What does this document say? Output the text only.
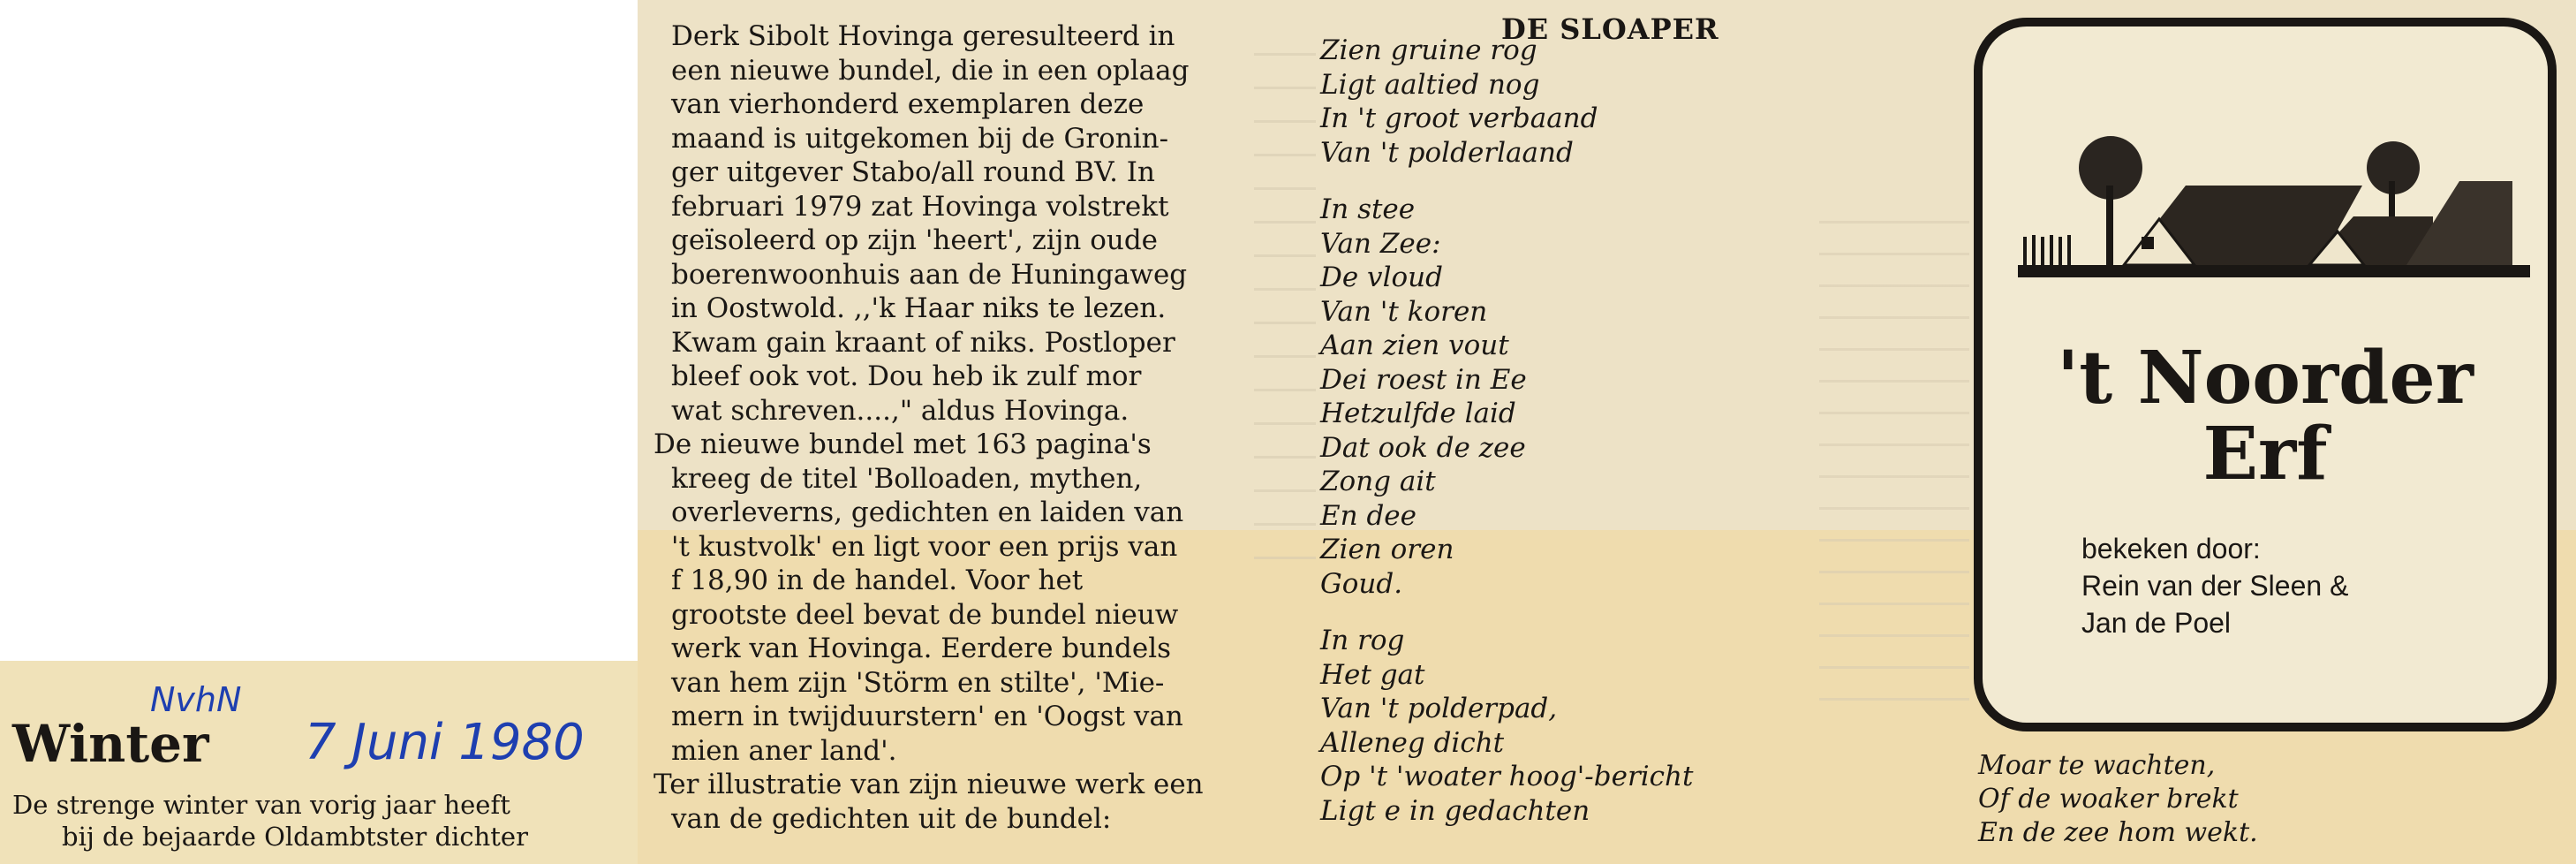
Derk Sibolt Hovinga geresulteerd in
een nieuwe bundel, die in een oplaag
van vierhonderd exemplaren deze
maand is uitgekomen bij de Gronin-
ger uitgever Stabo/all round BV. In
februari 1979 zat Hovinga volstrekt
geïsoleerd op zijn 'heert', zijn oude
boerenwoonhuis aan de Huningaweg
in Oostwold. ,,'k Haar niks te lezen.
Kwam gain kraant of niks. Postloper
bleef ook vot. Dou heb ik zulf mor
wat schreven....," aldus Hovinga.
De nieuwe bundel met 163 pagina's
kreeg de titel 'Bolloaden, mythen,
overleverns, gedichten en laiden van
't kustvolk' en ligt voor een prijs van
f 18,90 in de handel. Voor het
grootste deel bevat de bundel nieuw
werk van Hovinga. Eerdere bundels
van hem zijn 'Störm en stilte', 'Mie-
mern in twijduurstern' en 'Oogst van
mien aner land'.
Ter illustratie van zijn nieuwe werk een
van de gedichten uit de bundel:
DE SLOAPER
Zien gruine rog
Ligt aaltied nog
In 't groot verbaand
Van 't polderlaand
In stee
Van Zee:
De vloud
Van 't koren
Aan zien vout
Dei roest in Ee
Hetzulfde laid
Dat ook de zee
Zong ait
En dee
Zien oren
Goud.
In rog
Het gat
Van 't polderpad,
Alleneg dicht
Op 't 'woater hoog'-bericht
Ligt e in gedachten
NvhN
Winter 7 Juni 1980
De strenge winter van vorig jaar heeft
bij de bejaarde Oldambtster dichter
't Noorder
Erf
bekeken door:
Rein van der Sleen &
Jan de Poel
Moar te wachten,
Of de woaker brekt
En de zee hom wekt.
